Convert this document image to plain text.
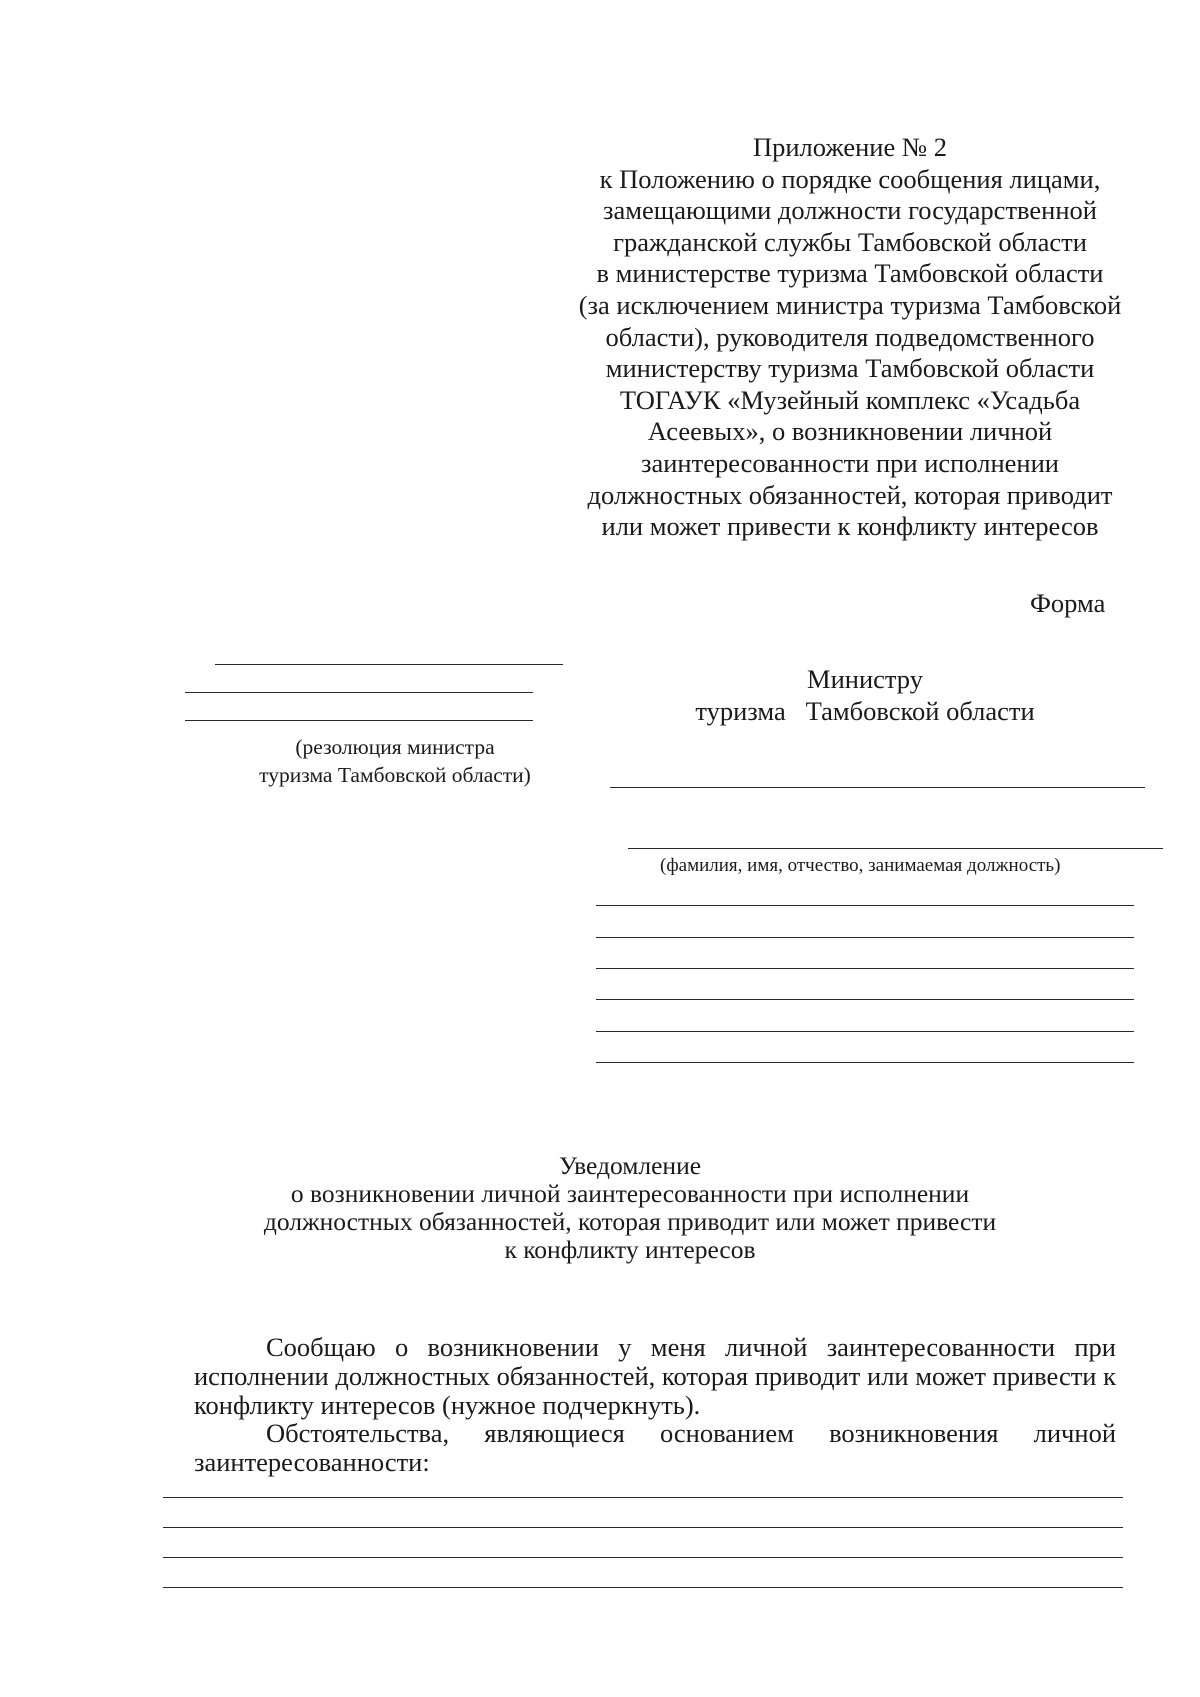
Приложение № 2
к Положению о порядке сообщения лицами,
замещающими должности государственной
гражданской службы Тамбовской области
в министерстве туризма Тамбовской области
(за исключением министра туризма Тамбовской
области), руководителя подведомственного
министерству туризма Тамбовской области
ТОГАУК «Музейный комплекс «Усадьба
Асеевых», о возникновении личной
заинтересованности при исполнении
должностных обязанностей, которая приводит
или может привести к конфликту интересов
Форма
(резолюция министра
туризма Тамбовской области)
Министру
туризма   Тамбовской области
(фамилия, имя, отчество, занимаемая должность)
Уведомление
о возникновении личной заинтересованности при исполнении
должностных обязанностей, которая приводит или может привести
к конфликту интересов
Сообщаю о возникновении у меня личной заинтересованности при исполнении должностных обязанностей, которая приводит или может привести к конфликту интересов (нужное подчеркнуть).
Обстоятельства, являющиеся основанием возникновения личной заинтересованности:
